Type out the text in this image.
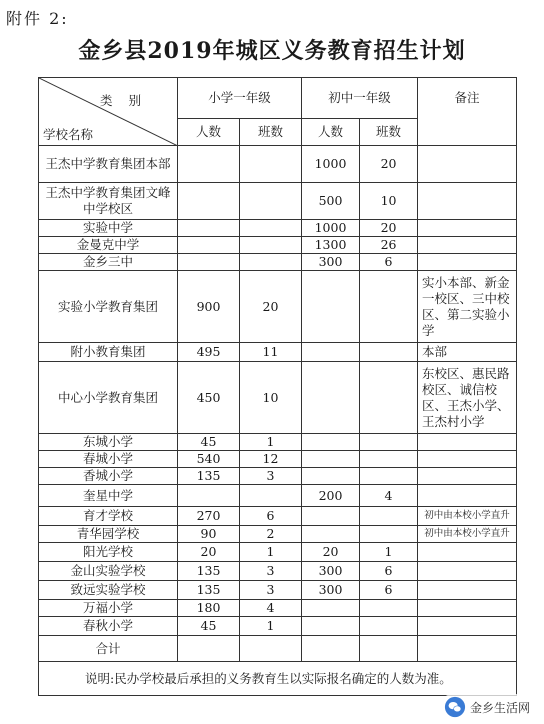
附件 2:
金乡县2019年城区义务教育招生计划
类 别
学校名称	小学一年级		初中一年级		备注
	人数	班数	人数	班数	
王杰中学教育集团本部			1000	20	
王杰中学教育集团文峰中学校区			500	10	
实验中学			1000	20	
金曼克中学			1300	26	
金乡三中			300	6	
实验小学教育集团	900	20			实小本部、新金一校区、三中校区、第二实验小学
附小教育集团	495	11			本部
中心小学教育集团	450	10			东校区、惠民路校区、诚信校区、王杰小学、王杰村小学
东城小学	45	1			
春城小学	540	12			
香城小学	135	3			
奎星中学			200	4	
育才学校	270	6			初中由本校小学直升
青华园学校	90	2			初中由本校小学直升
阳光学校	20	1	20	1	
金山实验学校	135	3	300	6	
致远实验学校	135	3	300	6	
万福小学	180	4			
春秋小学	45	1			
合计					
说明:民办学校最后承担的义务教育生以实际报名确定的人数为准。					
金乡生活网
